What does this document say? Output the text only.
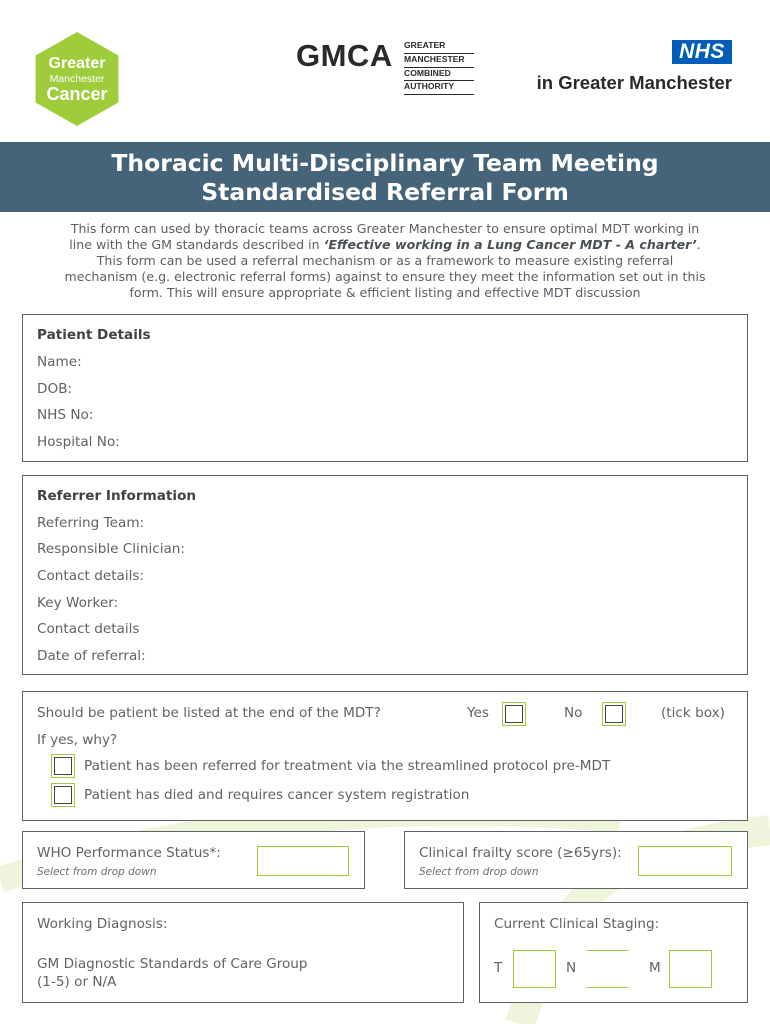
Greater
Manchester
Cancer
GMCA GREATER
MANCHESTER
COMBINED
AUTHORITY
NHS
in Greater Manchester
Thoracic Multi-Disciplinary Team Meeting
Standardised Referral Form
This form can used by thoracic teams across Greater Manchester to ensure optimal MDT working in line with the GM standards described in ‘Effective working in a Lung Cancer MDT - A charter’. This form can be used a referral mechanism or as a framework to measure existing referral mechanism (e.g. electronic referral forms) against to ensure they meet the information set out in this form. This will ensure appropriate & efficient listing and effective MDT discussion
Patient Details
Name:
DOB:
NHS No:
Hospital No:
Referrer Information
Referring Team:
Responsible Clinician:
Contact details:
Key Worker:
Contact details
Date of referral:
Should be patient be listed at the end of the MDT?	Yes	No	(tick box)
If yes, why?
Patient has been referred for treatment via the streamlined protocol pre-MDT
Patient has died and requires cancer system registration
WHO Performance Status*:
Select from drop down
Clinical frailty score (≥65yrs):
Select from drop down
Working Diagnosis:
GM Diagnostic Standards of Care Group
(1-5) or N/A
Current Clinical Staging:
T	N	M
